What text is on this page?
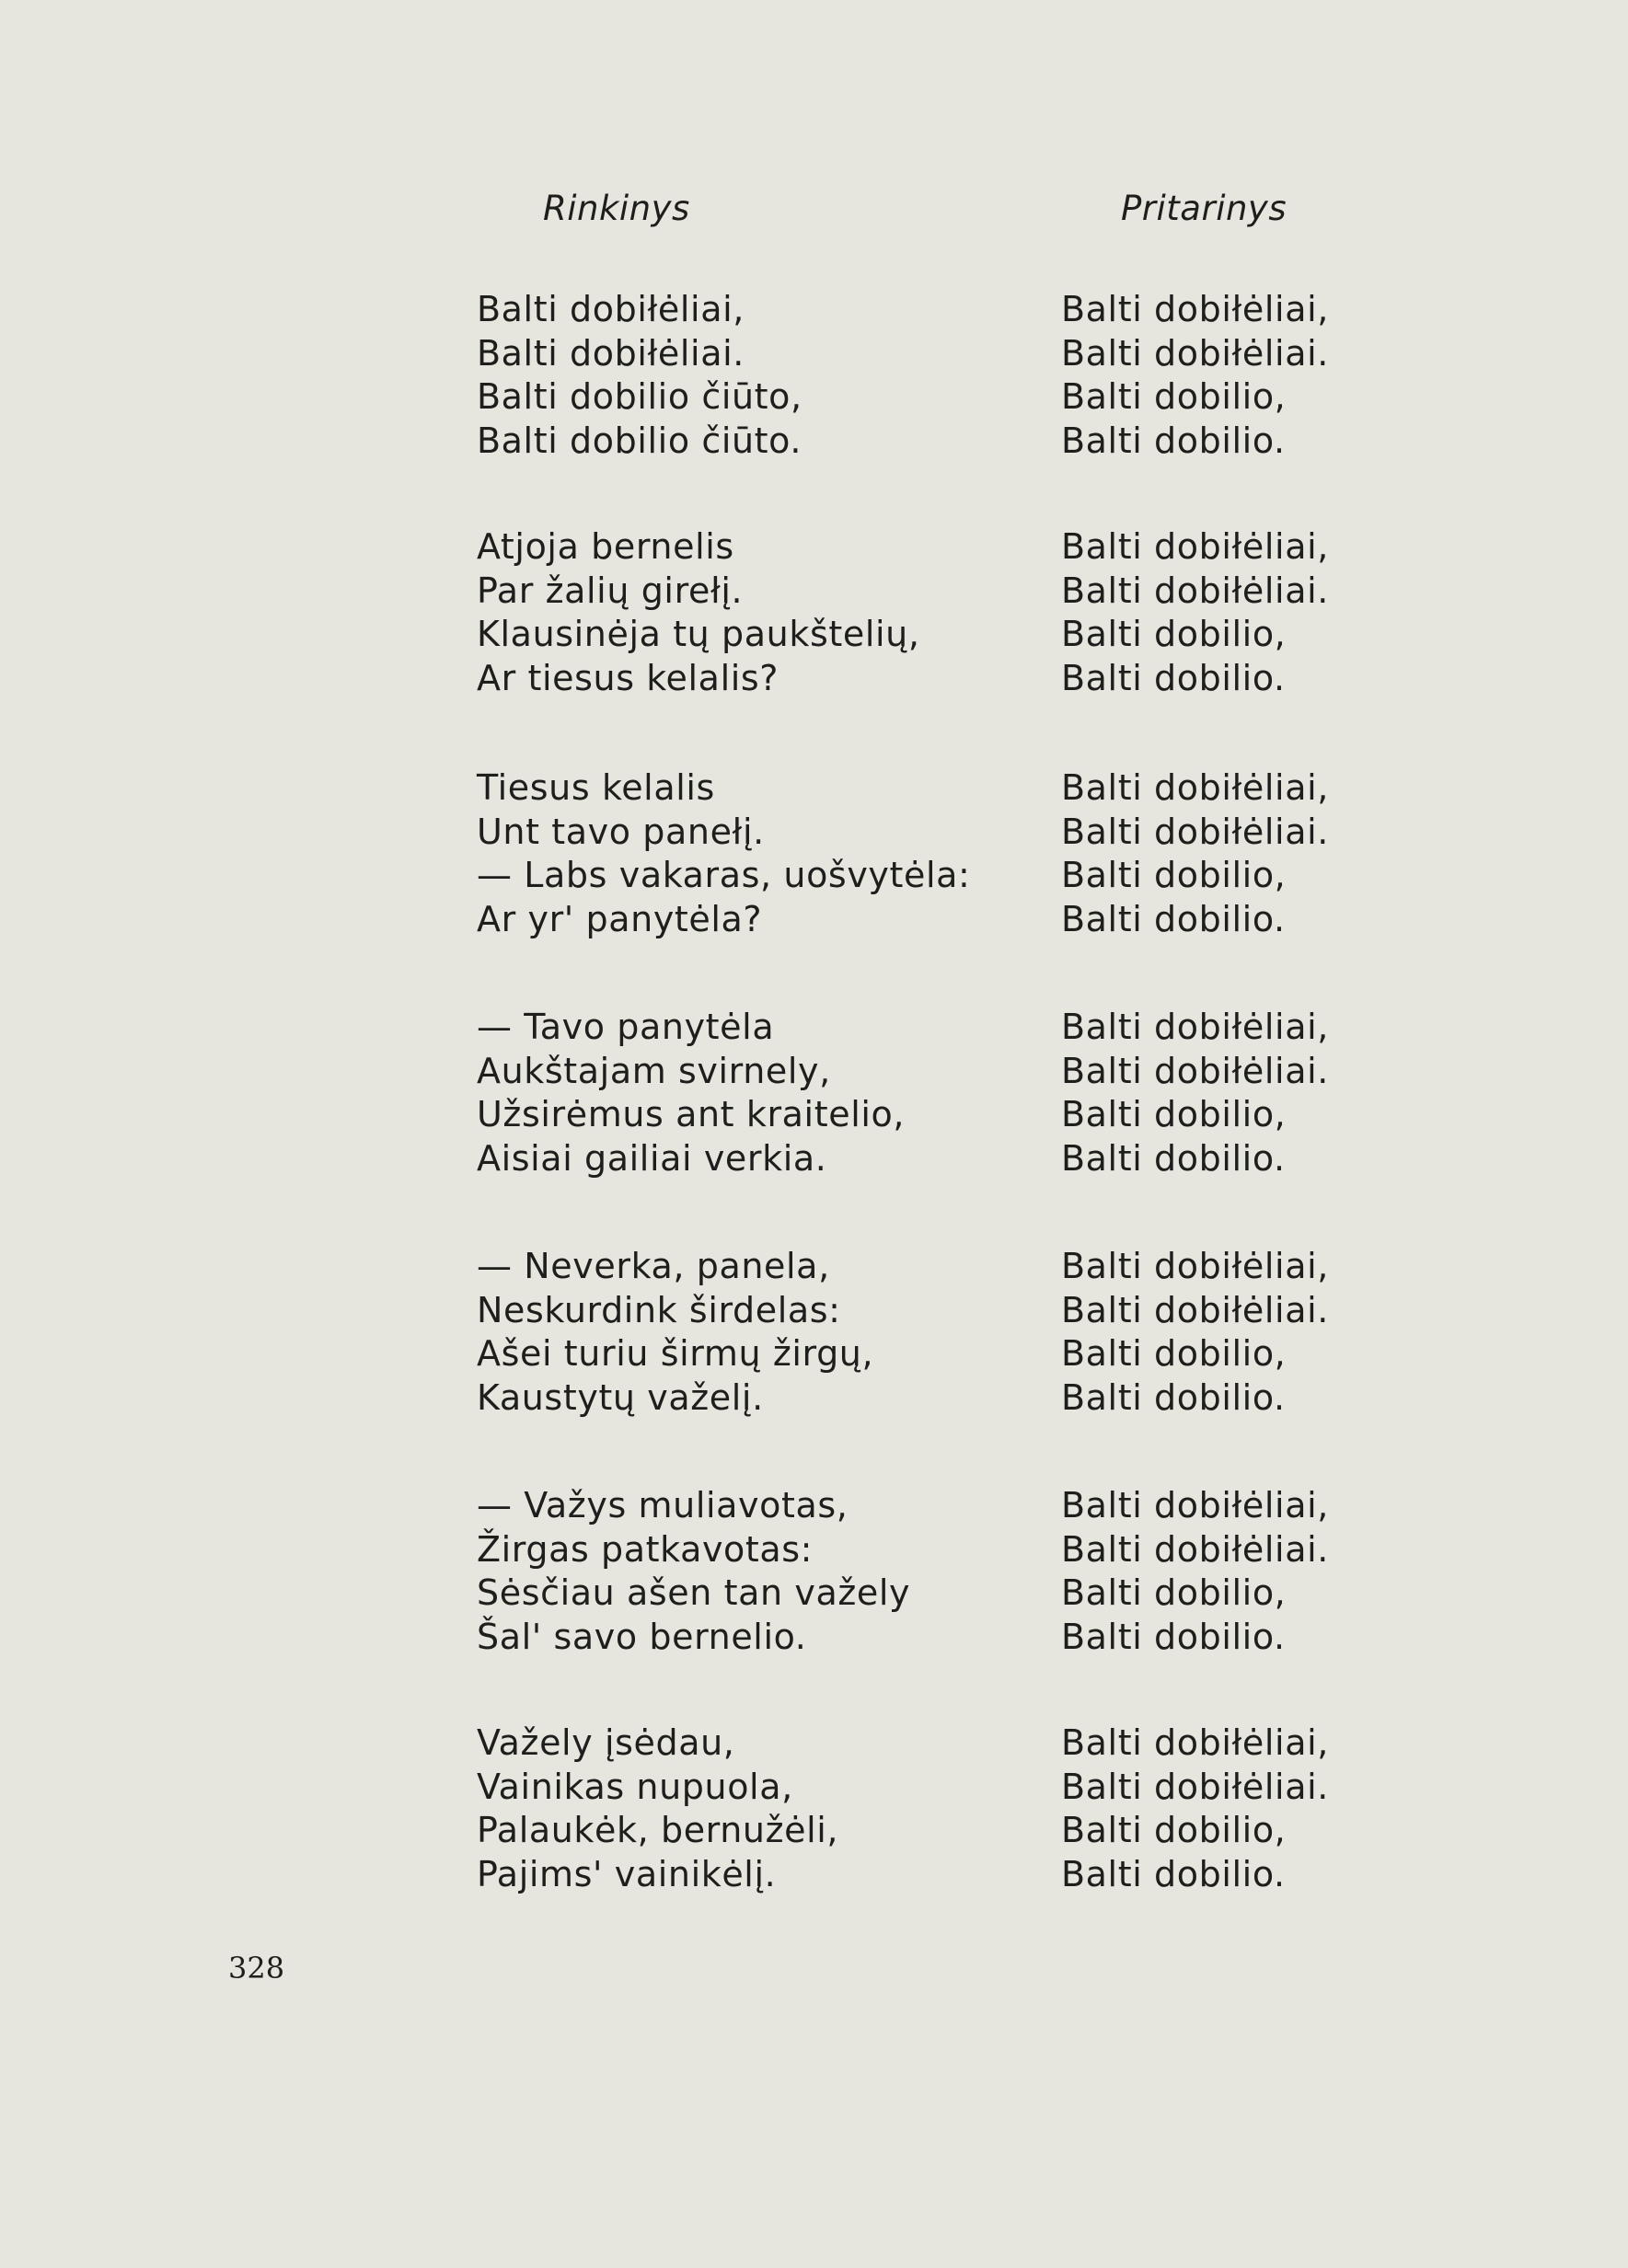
Rinkinys	Pritarinys
Balti dobiłėliai,
Balti dobiłėliai.
Balti dobilio čiūto,
Balti dobilio čiūto.
Balti dobiłėliai,
Balti dobiłėliai.
Balti dobilio,
Balti dobilio.
Atjoja bernelis
Par žalių girełį.
Klausinėja tų paukštelių,
Ar tiesus kelalis?
Balti dobiłėliai,
Balti dobiłėliai.
Balti dobilio,
Balti dobilio.
Tiesus kelalis
Unt tavo panełį.
— Labs vakaras, uošvytėla:
Ar yr' panytėla?
Balti dobiłėliai,
Balti dobiłėliai.
Balti dobilio,
Balti dobilio.
— Tavo panytėla
Aukštajam svirnely,
Užsirėmus ant kraitelio,
Aisiai gailiai verkia.
Balti dobiłėliai,
Balti dobiłėliai.
Balti dobilio,
Balti dobilio.
— Neverka, panela,
Neskurdink širdelas:
Ašei turiu širmų žirgų,
Kaustytų važelį.
Balti dobiłėliai,
Balti dobiłėliai.
Balti dobilio,
Balti dobilio.
— Važys muliavotas,
Žirgas patkavotas:
Sėsčiau ašen tan važely
Šal' savo bernelio.
Balti dobiłėliai,
Balti dobiłėliai.
Balti dobilio,
Balti dobilio.
Važely įsėdau,
Vainikas nupuola,
Palaukėk, bernužėli,
Pajims' vainikėlį.
Balti dobiłėliai,
Balti dobiłėliai.
Balti dobilio,
Balti dobilio.
328
